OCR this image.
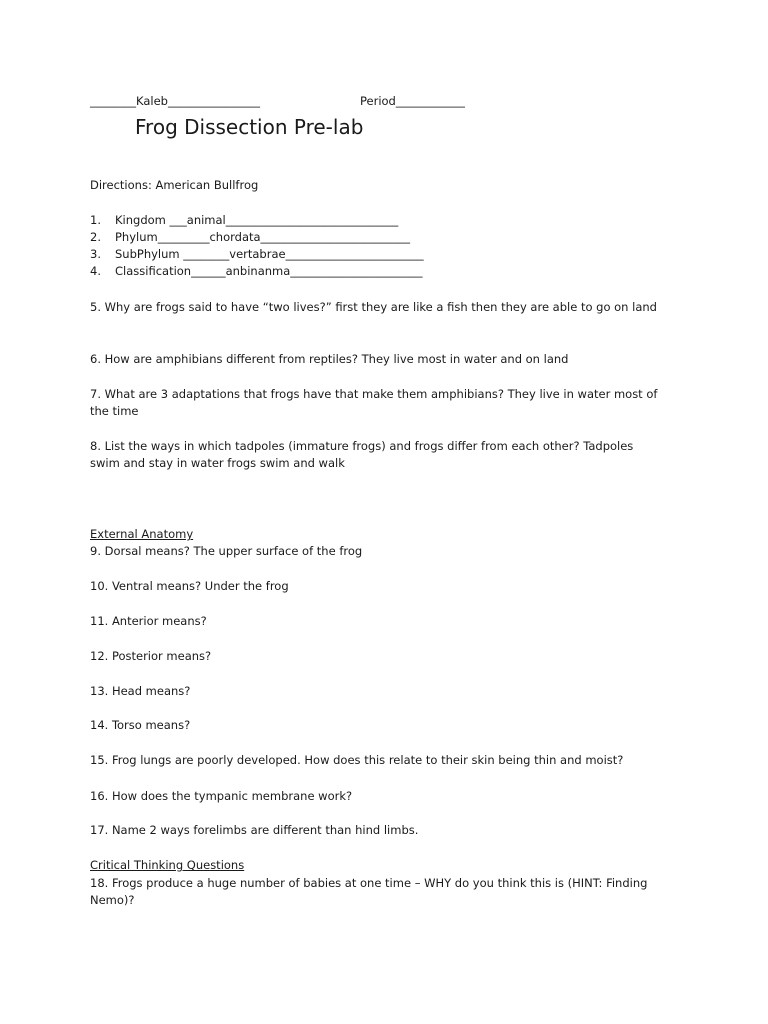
________Kaleb________________	Period____________
Frog Dissection Pre-lab
Directions: American Bullfrog
1. Kingdom ___animal______________________________
2. Phylum_________chordata__________________________
3. SubPhylum ________vertabrae________________________
4. Classification______anbinanma_______________________
5. Why are frogs said to have “two lives?” first they are like a fish then they are able to go on land
6. How are amphibians different from reptiles? They live most in water and on land
7. What are 3 adaptations that frogs have that make them amphibians? They live in water most of the time
8. List the ways in which tadpoles (immature frogs) and frogs differ from each other? Tadpoles swim and stay in water frogs swim and walk
External Anatomy
9. Dorsal means? The upper surface of the frog
10. Ventral means? Under the frog
11. Anterior means?
12. Posterior means?
13. Head means?
14. Torso means?
15. Frog lungs are poorly developed. How does this relate to their skin being thin and moist?
16. How does the tympanic membrane work?
17. Name 2 ways forelimbs are different than hind limbs.
Critical Thinking Questions
18. Frogs produce a huge number of babies at one time – WHY do you think this is (HINT: Finding Nemo)?
